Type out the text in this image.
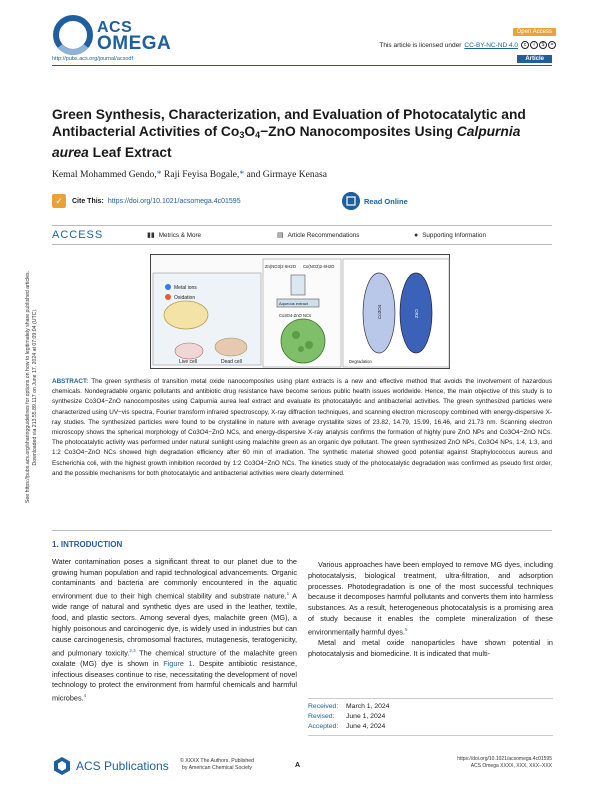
See https://pubs.acs.org/sharingguidelines for options on how to legitimately share published articles. Downloaded via 213.55.89.117 on June 17, 2024 at 07:09:04 (UTC).
ACS
OMEGA
Open Access
This article is licensed under CC-BY-NC-ND 4.0	c	i	$	=
http://pubs.acs.org/journal/acsodf	Article
Green Synthesis, Characterization, and Evaluation of Photocatalytic and Antibacterial Activities of $Co_3O_4-ZnO$ Nanocomposites Using Calpurnia aurea Leaf Extract
Kemal Mohammed Gendo,* Raji Feyisa Bogale,* and Girmaye Kenasa
✓	Cite This: https://doi.org/10.1021/acsomega.4c01595	Read Online
ACCESS	▮▮ Metrics & More	▤ Article Recommendations	● Supporting Information
Metal ions
Oxidation
Live cell	Dead cell
Zn(NO3)2·6H2O Co(NO3)2·6H2O
Aqueous extract
Co3O4-ZnO NCs	Co3O4	ZnO
Degradation
ABSTRACT: The green synthesis of transition metal oxide nanocomposites using plant extracts is a new and effective method that avoids the involvement of hazardous chemicals. Nondegradable organic pollutants and antibiotic drug resistance have become serious public health issues worldwide. Hence, the main objective of this study is to synthesize Co3O4−ZnO nanocomposites using Calpurnia aurea leaf extract and evaluate its photocatalytic and antibacterial activities. The green synthesized particles were characterized using UV−vis spectra, Fourier transform infrared spectroscopy, X-ray diffraction techniques, and scanning electron microscopy combined with energy-dispersive X-ray studies. The synthesized particles were found to be crystalline in nature with average crystallite sizes of 23.82, 14.79, 15.99, 16.46, and 21.73 nm. Scanning electron microscopy shows the spherical morphology of Co3O4−ZnO NCs, and energy-dispersive X-ray analysis confirms the formation of highly pure ZnO NPs and Co3O4−ZnO NCs. The photocatalytic activity was performed under natural sunlight using malachite green as an organic dye pollutant. The green synthesized ZnO NPs, Co3O4 NPs, 1:4, 1:3, and 1:2 Co3O4−ZnO NCs showed high degradation efficiency after 60 min of irradiation. The synthetic material showed good potential against Staphylococcus aureus and Escherichia coli, with the highest growth inhibition recorded by 1:2 Co3O4−ZnO NCs. The kinetics study of the photocatalytic degradation was confirmed as pseudo first order, and the possible mechanisms for both photocatalytic and antibacterial activities were clearly determined.
1. INTRODUCTION

Water contamination poses a significant threat to our planet due to the growing human population and rapid technological advancements. Organic contaminants and bacteria are commonly encountered in the aquatic environment due to their high chemical stability and substrate nature.$^1$ A wide range of natural and synthetic dyes are used in the leather, textile, food, and plastic sectors. Among several dyes, malachite green (MG), a highly poisonous and carcinogenic dye, is widely used in industries but can cause carcinogenesis, chromosomal fractures, mutagenesis, teratogenicity, and pulmonary toxicity.$^{2,3}$ The chemical structure of the malachite green oxalate (MG) dye is shown in Figure 1. Despite antibiotic resistance, infectious diseases continue to rise, necessitating the development of novel technology to protect the environment from harmful chemicals and harmful microbes.$^4$

Various approaches have been employed to remove MG dyes, including photocatalysis, biological treatment, ultra-filtration, and adsorption processes. Photodegradation is one of the most successful techniques because it decomposes harmful pollutants and converts them into harmless substances. As a result, heterogeneous photocatalysis is a promising area of study because it enables the complete mineralization of these environmentally harmful dyes.$^5$

Metal and metal oxide nanoparticles have shown potential in photocatalysis and biomedicine. It is indicated that multi-

Received: March 1, 2024
Revised: June 1, 2024
Accepted: June 4, 2024
ACS Publications	© XXXX The Authors. Published by American Chemical Society	A
https://doi.org/10.1021/acsomega.4c01595
ACS Omega XXXX, XXX, XXX−XXX
